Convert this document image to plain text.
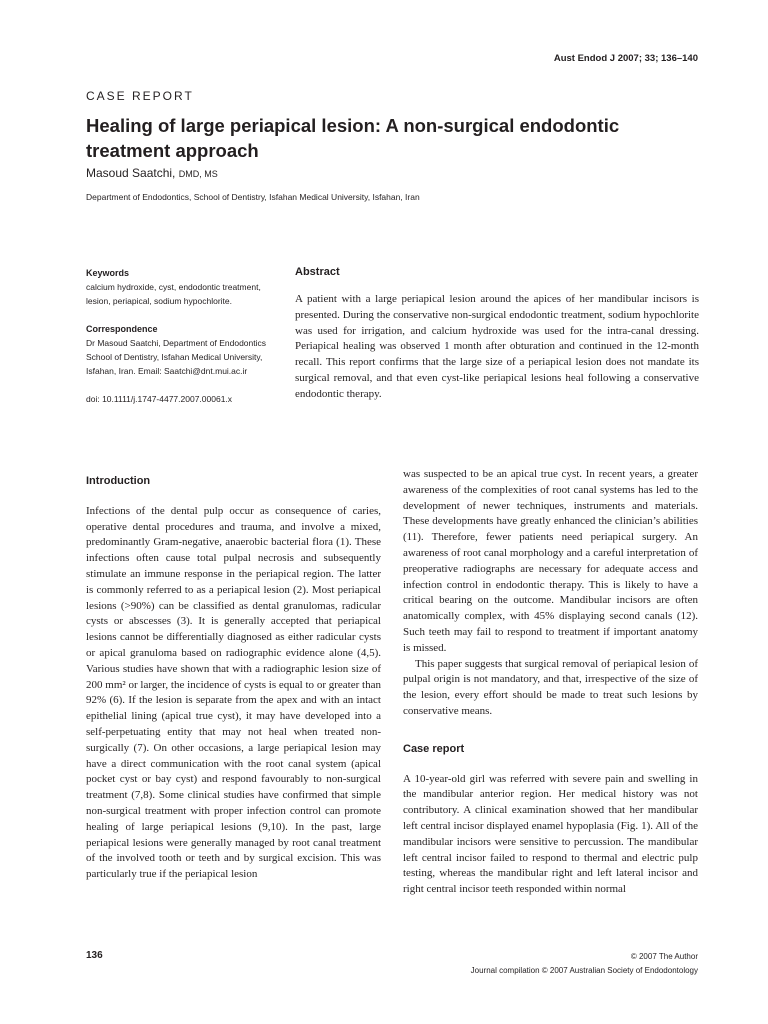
Aust Endod J 2007; 33; 136–140
CASE REPORT
Healing of large periapical lesion: A non-surgical endodontic treatment approach
Masoud Saatchi, DMD, MS
Department of Endodontics, School of Dentistry, Isfahan Medical University, Isfahan, Iran
Keywords
calcium hydroxide, cyst, endodontic treatment, lesion, periapical, sodium hypochlorite.
Correspondence
Dr Masoud Saatchi, Department of Endodontics School of Dentistry, Isfahan Medical University, Isfahan, Iran. Email: Saatchi@dnt.mui.ac.ir
doi: 10.1111/j.1747-4477.2007.00061.x
Abstract
A patient with a large periapical lesion around the apices of her mandibular incisors is presented. During the conservative non-surgical endodontic treatment, sodium hypochlorite was used for irrigation, and calcium hydroxide was used for the intra-canal dressing. Periapical healing was observed 1 month after obturation and continued in the 12-month recall. This report confirms that the large size of a periapical lesion does not mandate its surgical removal, and that even cyst-like periapical lesions heal following a conservative endodontic therapy.
Introduction

Infections of the dental pulp occur as consequence of caries, operative dental procedures and trauma, and involve a mixed, predominantly Gram-negative, anaerobic bacterial flora (1). These infections often cause total pulpal necrosis and subsequently stimulate an immune response in the periapical region. The latter is commonly referred to as a periapical lesion (2). Most periapical lesions (>90%) can be classified as dental granulomas, radicular cysts or abscesses (3). It is generally accepted that periapical lesions cannot be differentially diagnosed as either radicular cysts or apical granuloma based on radiographic evidence alone (4,5). Various studies have shown that with a radiographic lesion size of 200 mm² or larger, the incidence of cysts is equal to or greater than 92% (6). If the lesion is separate from the apex and with an intact epithelial lining (apical true cyst), it may have developed into a self-perpetuating entity that may not heal when treated non-surgically (7). On other occasions, a large periapical lesion may have a direct communication with the root canal system (apical pocket cyst or bay cyst) and respond favourably to non-surgical treatment (7,8). Some clinical studies have confirmed that simple non-surgical treatment with proper infection control can promote healing of large periapical lesions (9,10). In the past, large periapical lesions were generally managed by root canal treatment of the involved tooth or teeth and by surgical excision. This was particularly true if the periapical lesion

was suspected to be an apical true cyst. In recent years, a greater awareness of the complexities of root canal systems has led to the development of newer techniques, instruments and materials. These developments have greatly enhanced the clinician’s abilities (11). Therefore, fewer patients need periapical surgery. An awareness of root canal morphology and a careful interpretation of preoperative radiographs are necessary for adequate access and infection control in endodontic therapy. This is likely to have a critical bearing on the outcome. Mandibular incisors are often anatomically complex, with 45% displaying second canals (12). Such teeth may fail to respond to treatment if important anatomy is missed.

This paper suggests that surgical removal of periapical lesion of pulpal origin is not mandatory, and that, irrespective of the size of the lesion, every effort should be made to treat such lesions by conservative means.

Case report

A 10-year-old girl was referred with severe pain and swelling in the mandibular anterior region. Her medical history was not contributory. A clinical examination showed that her mandibular left central incisor displayed enamel hypoplasia (Fig. 1). All of the mandibular incisors were sensitive to percussion. The mandibular left central incisor failed to respond to thermal and electric pulp testing, whereas the mandibular right and left lateral incisor and right central incisor teeth responded within normal

136	© 2007 The Author
Journal compilation © 2007 Australian Society of Endodontology
